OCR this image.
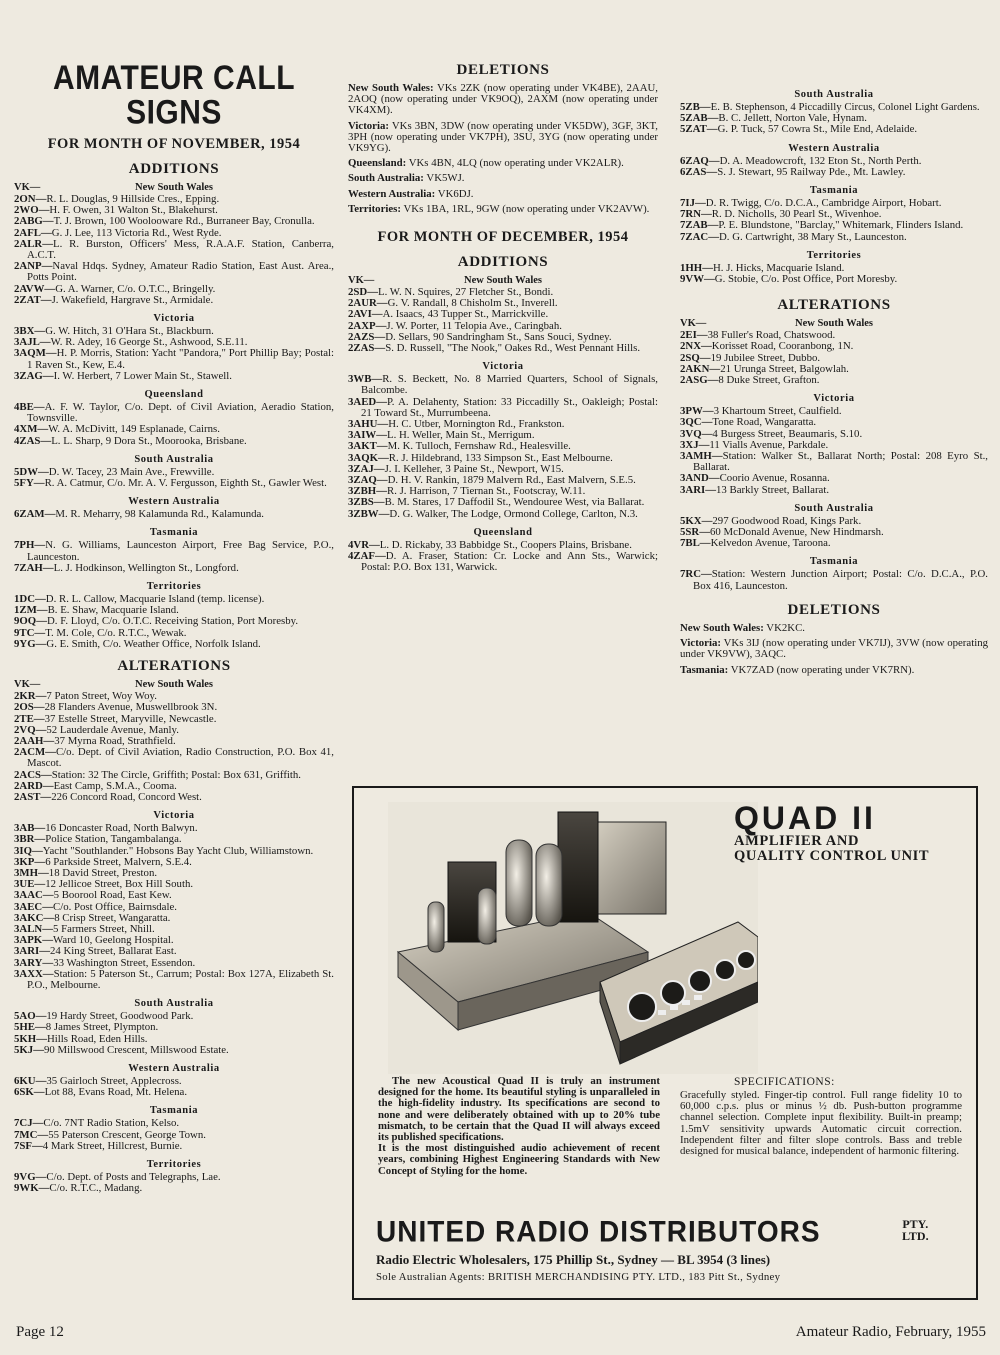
AMATEUR CALL SIGNS
FOR MONTH OF NOVEMBER, 1954
ADDITIONS
VK—	New South Wales
2ON—R. L. Douglas, 9 Hillside Cres., Epping.
2WO—H. F. Owen, 31 Walton St., Blakehurst.
2ABG—T. J. Brown, 100 Woolooware Rd., Burraneer Bay, Cronulla.
2AFL—G. J. Lee, 113 Victoria Rd., West Ryde.
2ALR—L. R. Burston, Officers' Mess, R.A.A.F. Station, Canberra, A.C.T.
2ANP—Naval Hdqs. Sydney, Amateur Radio Station, East Aust. Area., Potts Point.
2AVW—G. A. Warner, C/o. O.T.C., Bringelly.
2ZAT—J. Wakefield, Hargrave St., Armidale.
Victoria
3BX—G. W. Hitch, 31 O'Hara St., Blackburn.
3AJL—W. R. Adey, 16 George St., Ashwood, S.E.11.
3AQM—H. P. Morris, Station: Yacht "Pandora," Port Phillip Bay; Postal: 1 Raven St., Kew, E.4.
3ZAG—I. W. Herbert, 7 Lower Main St., Stawell.
Queensland
4BE—A. F. W. Taylor, C/o. Dept. of Civil Aviation, Aeradio Station, Townsville.
4XM—W. A. McDivitt, 149 Esplanade, Cairns.
4ZAS—L. L. Sharp, 9 Dora St., Moorooka, Brisbane.
South Australia
5DW—D. W. Tacey, 23 Main Ave., Frewville.
5FY—R. A. Catmur, C/o. Mr. A. V. Fergusson, Eighth St., Gawler West.
Western Australia
6ZAM—M. R. Meharry, 98 Kalamunda Rd., Kalamunda.
Tasmania
7PH—N. G. Williams, Launceston Airport, Free Bag Service, P.O., Launceston.
7ZAH—L. J. Hodkinson, Wellington St., Longford.
Territories
1DC—D. R. L. Callow, Macquarie Island (temp. license).
1ZM—B. E. Shaw, Macquarie Island.
9OQ—D. F. Lloyd, C/o. O.T.C. Receiving Station, Port Moresby.
9TC—T. M. Cole, C/o. R.T.C., Wewak.
9YG—G. E. Smith, C/o. Weather Office, Norfolk Island.
ALTERATIONS
VK—	New South Wales
2KR—7 Paton Street, Woy Woy.
2OS—28 Flanders Avenue, Muswellbrook 3N.
2TE—37 Estelle Street, Maryville, Newcastle.
2VQ—52 Lauderdale Avenue, Manly.
2AAH—37 Myrna Road, Strathfield.
2ACM—C/o. Dept. of Civil Aviation, Radio Construction, P.O. Box 41, Mascot.
2ACS—Station: 32 The Circle, Griffith; Postal: Box 631, Griffith.
2ARD—East Camp, S.M.A., Cooma.
2AST—226 Concord Road, Concord West.
Victoria
3AB—16 Doncaster Road, North Balwyn.
3BR—Police Station, Tangambalanga.
3IQ—Yacht "Southlander." Hobsons Bay Yacht Club, Williamstown.
3KP—6 Parkside Street, Malvern, S.E.4.
3MH—18 David Street, Preston.
3UE—12 Jellicoe Street, Box Hill South.
3AAC—5 Boorool Road, East Kew.
3AEC—C/o. Post Office, Bairnsdale.
3AKC—8 Crisp Street, Wangaratta.
3ALN—5 Farmers Street, Nhill.
3APK—Ward 10, Geelong Hospital.
3ARI—24 King Street, Ballarat East.
3ARY—33 Washington Street, Essendon.
3AXX—Station: 5 Paterson St., Carrum; Postal: Box 127A, Elizabeth St. P.O., Melbourne.
South Australia
5AO—19 Hardy Street, Goodwood Park.
5HE—8 James Street, Plympton.
5KH—Hills Road, Eden Hills.
5KJ—90 Millswood Crescent, Millswood Estate.
Western Australia
6KU—35 Gairloch Street, Applecross.
6SK—Lot 88, Evans Road, Mt. Helena.
Tasmania
7CJ—C/o. 7NT Radio Station, Kelso.
7MC—55 Paterson Crescent, George Town.
7SF—4 Mark Street, Hillcrest, Burnie.
Territories
9VG—C/o. Dept. of Posts and Telegraphs, Lae.
9WK—C/o. R.T.C., Madang.
DELETIONS
New South Wales: VKs 2ZK (now operating under VK4BE), 2AAU, 2AOQ (now operating under VK9OQ), 2AXM (now operating under VK4XM).
Victoria: VKs 3BN, 3DW (now operating under VK5DW), 3GF, 3KT, 3PH (now operating under VK7PH), 3SU, 3YG (now operating under VK9YG).
Queensland: VKs 4BN, 4LQ (now operating under VK2ALR).
South Australia: VK5WJ.
Western Australia: VK6DJ.
Territories: VKs 1BA, 1RL, 9GW (now operating under VK2AVW).
FOR MONTH OF DECEMBER, 1954
ADDITIONS
VK—	New South Wales
2SD—L. W. N. Squires, 27 Fletcher St., Bondi.
2AUR—G. V. Randall, 8 Chisholm St., Inverell.
2AVI—A. Isaacs, 43 Tupper St., Marrickville.
2AXP—J. W. Porter, 11 Telopia Ave., Caringbah.
2AZS—D. Sellars, 90 Sandringham St., Sans Souci, Sydney.
2ZAS—S. D. Russell, "The Nook," Oakes Rd., West Pennant Hills.
Victoria
3WB—R. S. Beckett, No. 8 Married Quarters, School of Signals, Balcombe.
3AED—P. A. Delahenty, Station: 33 Piccadilly St., Oakleigh; Postal: 21 Toward St., Murrumbeena.
3AHU—H. C. Utber, Mornington Rd., Frankston.
3AIW—L. H. Weller, Main St., Merrigum.
3AKT—M. K. Tulloch, Fernshaw Rd., Healesville.
3AQK—R. J. Hildebrand, 133 Simpson St., East Melbourne.
3ZAJ—J. I. Kelleher, 3 Paine St., Newport, W15.
3ZAQ—D. H. V. Rankin, 1879 Malvern Rd., East Malvern, S.E.5.
3ZBH—R. J. Harrison, 7 Tiernan St., Footscray, W.11.
3ZBS—B. M. Stares, 17 Daffodil St., Wendouree West, via Ballarat.
3ZBW—D. G. Walker, The Lodge, Ormond College, Carlton, N.3.
Queensland
4VR—L. D. Rickaby, 33 Babbidge St., Coopers Plains, Brisbane.
4ZAF—D. A. Fraser, Station: Cr. Locke and Ann Sts., Warwick; Postal: P.O. Box 131, Warwick.
South Australia
5ZB—E. B. Stephenson, 4 Piccadilly Circus, Colonel Light Gardens.
5ZAB—B. C. Jellett, Norton Vale, Hynam.
5ZAT—G. P. Tuck, 57 Cowra St., Mile End, Adelaide.
Western Australia
6ZAQ—D. A. Meadowcroft, 132 Eton St., North Perth.
6ZAS—S. J. Stewart, 95 Railway Pde., Mt. Lawley.
Tasmania
7IJ—D. R. Twigg, C/o. D.C.A., Cambridge Airport, Hobart.
7RN—R. D. Nicholls, 30 Pearl St., Wivenhoe.
7ZAB—P. E. Blundstone, "Barclay," Whitemark, Flinders Island.
7ZAC—D. G. Cartwright, 38 Mary St., Launceston.
Territories
1HH—H. J. Hicks, Macquarie Island.
9VW—G. Stobie, C/o. Post Office, Port Moresby.
ALTERATIONS
VK—	New South Wales
2EI—38 Fuller's Road, Chatswood.
2NX—Korisset Road, Cooranbong, 1N.
2SQ—19 Jubilee Street, Dubbo.
2AKN—21 Urunga Street, Balgowlah.
2ASG—8 Duke Street, Grafton.
Victoria
3PW—3 Khartoum Street, Caulfield.
3QC—Tone Road, Wangaratta.
3VQ—4 Burgess Street, Beaumaris, S.10.
3XJ—11 Vialls Avenue, Parkdale.
3AMH—Station: Walker St., Ballarat North; Postal: 208 Eyro St., Ballarat.
3AND—Coorio Avenue, Rosanna.
3ARI—13 Barkly Street, Ballarat.
South Australia
5KX—297 Goodwood Road, Kings Park.
5SR—60 McDonald Avenue, New Hindmarsh.
7BL—Kelvedon Avenue, Taroona.
Tasmania
7RC—Station: Western Junction Airport; Postal: C/o. D.C.A., P.O. Box 416, Launceston.
DELETIONS
New South Wales: VK2KC.
Victoria: VKs 3IJ (now operating under VK7IJ), 3VW (now operating under VK9VW), 3AQC.
Tasmania: VK7ZAD (now operating under VK7RN).
QUAD II
AMPLIFIER AND
QUALITY CONTROL UNIT

The new Acoustical Quad II is truly an instrument designed for the home. Its beautiful styling is unparalleled in the high-fidelity industry. Its specifications are second to none and were deliberately obtained with up to 20% tube mismatch, to be certain that the Quad II will always exceed its published specifications.

It is the most distinguished audio achievement of recent years, combining Highest Engineering Standards with New Concept of Styling for the home.

SPECIFICATIONS:
Gracefully styled. Finger-tip control. Full range fidelity 10 to 60,000 c.p.s. plus or minus ½ db. Push-button programme channel selection. Complete input flexibility. Built-in preamp; 1.5mV sensitivity upwards Automatic circuit correction. Independent filter and filter slope controls. Bass and treble designed for musical balance, independent of harmonic filtering.
UNITED RADIO DISTRIBUTORS	PTY.
LTD.
Radio Electric Wholesalers, 175 Phillip St., Sydney — BL 3954 (3 lines)
Sole Australian Agents: BRITISH MERCHANDISING PTY. LTD., 183 Pitt St., Sydney
Page 12	Amateur Radio, February, 1955
